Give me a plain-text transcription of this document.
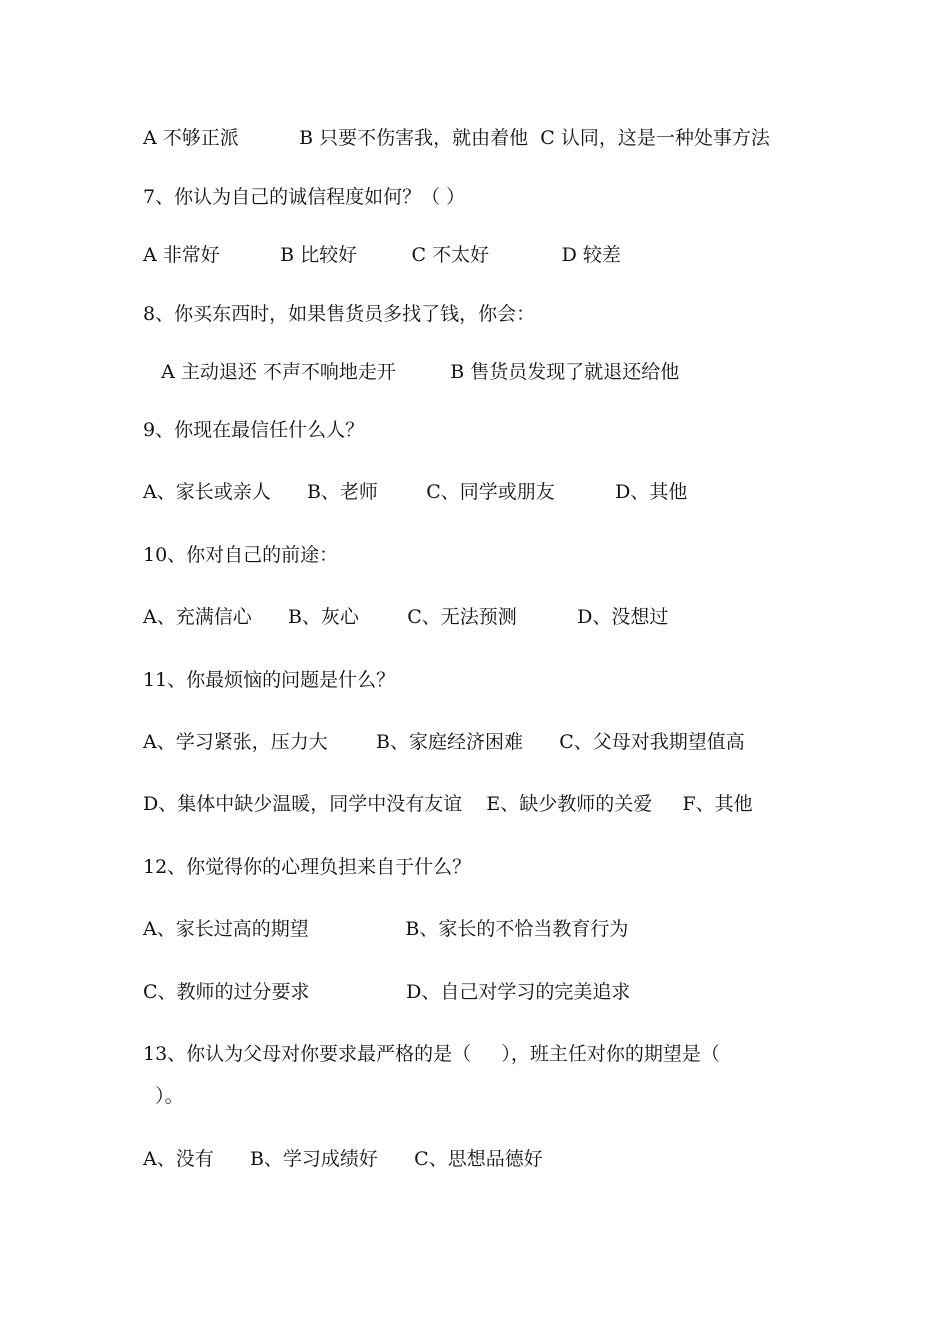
A 不够正派          B 只要不伤害我，就由着他  C 认同，这是一种处事方法
7、你认为自己的诚信程度如何？（ ）
A 非常好          B 比较好         C 不太好            D 较差
8、你买东西时，如果售货员多找了钱，你会：
A 主动退还 不声不响地走开         B 售货员发现了就退还给他
9、你现在最信任什么人？
A、家长或亲人      B、老师        C、同学或朋友          D、其他
10、你对自己的前途：
A、充满信心      B、灰心        C、无法预测          D、没想过
11、你最烦恼的问题是什么？
A、学习紧张，压力大        B、家庭经济困难      C、父母对我期望值高
D、集体中缺少温暖，同学中没有友谊    E、缺少教师的关爱     F、其他
12、你觉得你的心理负担来自于什么？
A、家长过高的期望                B、家长的不恰当教育行为
C、教师的过分要求                D、自己对学习的完美追求
13、你认为父母对你要求最严格的是（     ），班主任对你的期望是（
）。
A、没有      B、学习成绩好      C、思想品德好
